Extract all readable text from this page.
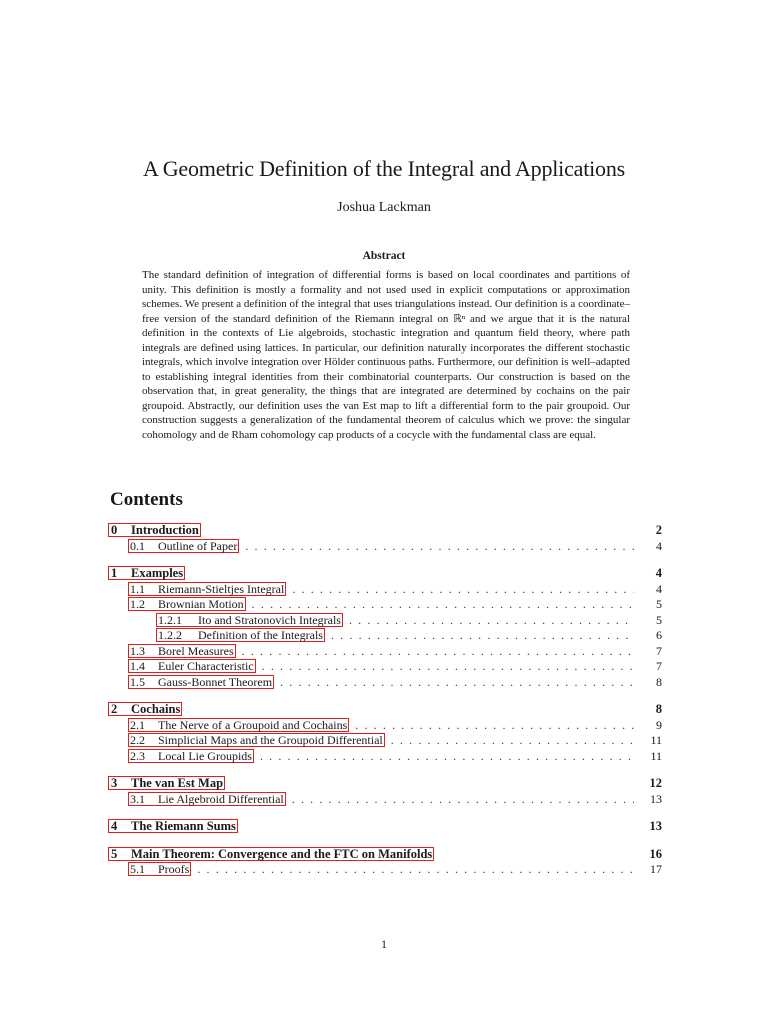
A Geometric Definition of the Integral and Applications
Joshua Lackman
Abstract
The standard definition of integration of differential forms is based on local coordinates and partitions of unity. This definition is mostly a formality and not used used in explicit computations or approximation schemes. We present a definition of the integral that uses triangulations instead. Our definition is a coordinate–free version of the standard definition of the Riemann integral on ℝⁿ and we argue that it is the natural definition in the contexts of Lie algebroids, stochastic integration and quantum field theory, where path integrals are defined using lattices. In particular, our definition naturally incorporates the different stochastic integrals, which involve integration over Hölder continuous paths. Furthermore, our definition is well–adapted to establishing integral identities from their combinatorial counterparts. Our construction is based on the observation that, in great generality, the things that are integrated are determined by cochains on the pair groupoid. Abstractly, our definition uses the van Est map to lift a differential form to the pair groupoid. Our construction suggests a generalization of the fundamental theorem of calculus which we prove: the singular cohomology and de Rham cohomology cap products of a cocycle with the fundamental class are equal.
Contents
0 Introduction	2
0.1 Outline of Paper . . .	4
1 Examples	4
1.1 Riemann-Stieltjes Integral . . .	4
1.2 Brownian Motion . . .	5
1.2.1 Ito and Stratonovich Integrals . . .	5
1.2.2 Definition of the Integrals . . .	6
1.3 Borel Measures . . .	7
1.4 Euler Characteristic . . .	7
1.5 Gauss-Bonnet Theorem . . .	8
2 Cochains	8
2.1 The Nerve of a Groupoid and Cochains . . .	9
2.2 Simplicial Maps and the Groupoid Differential . . .	11
2.3 Local Lie Groupids . . .	11
3 The van Est Map	12
3.1 Lie Algebroid Differential . . .	13
4 The Riemann Sums	13
5 Main Theorem: Convergence and the FTC on Manifolds	16
5.1 Proofs . . .	17
1
